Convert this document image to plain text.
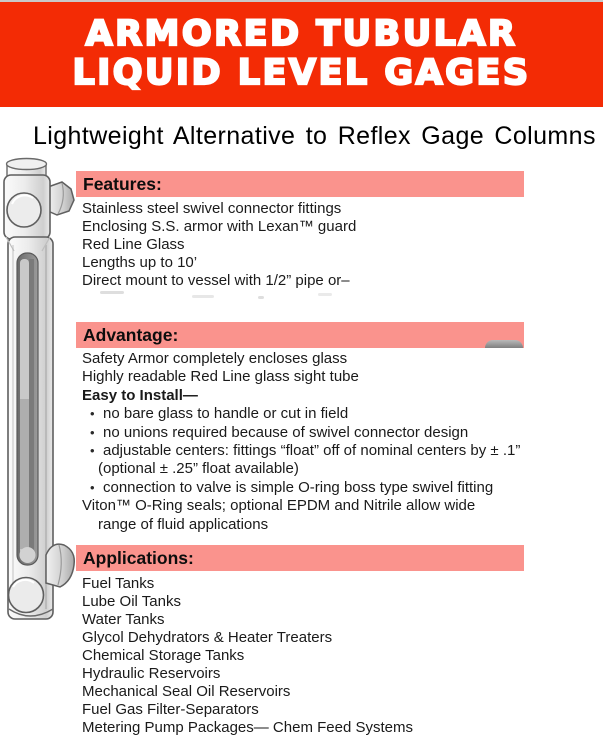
ARMORED TUBULAR
LIQUID LEVEL GAGES
Lightweight Alternative to Reflex Gage Columns
Features:
Stainless steel swivel connector fittings
Enclosing S.S. armor with Lexan™ guard
Red Line Glass
Lengths up to 10’
Direct mount to vessel with 1/2” pipe or–
Advantage:
Safety Armor completely encloses glass
Highly readable Red Line glass sight tube
Easy to Install—
• no bare glass to handle or cut in field
• no unions required because of swivel connector design
• adjustable centers: fittings “float” off of nominal centers by ± .1”
(optional ± .25” float available)
• connection to valve is simple O-ring boss type swivel fitting
Viton™ O-Ring seals; optional EPDM and Nitrile allow wide
range of fluid applications
Applications:
Fuel Tanks
Lube Oil Tanks
Water Tanks
Glycol Dehydrators & Heater Treaters
Chemical Storage Tanks
Hydraulic Reservoirs
Mechanical Seal Oil Reservoirs
Fuel Gas Filter-Separators
Metering Pump Packages— Chem Feed Systems
